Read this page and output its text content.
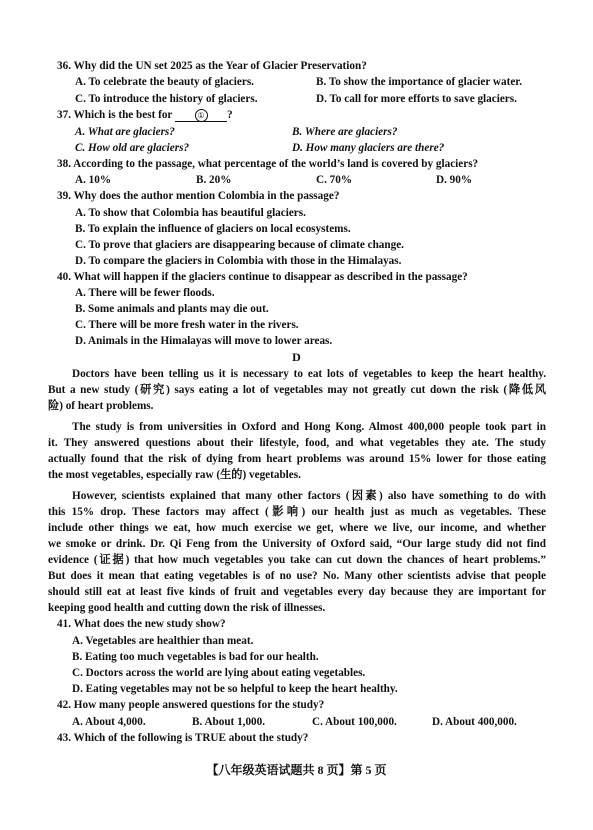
36. Why did the UN set 2025 as the Year of Glacier Preservation?
A. To celebrate the beauty of glaciers.	B. To show the importance of glacier water.
C. To introduce the history of glaciers.	D. To call for more efforts to save glaciers.
37. Which is the best for	① ?
A. What are glaciers?	B. Where are glaciers?
C. How old are glaciers?	D. How many glaciers are there?
38. According to the passage, what percentage of the world’s land is covered by glaciers?
A. 10%	B. 20%	C. 70%	D. 90%
39. Why does the author mention Colombia in the passage?
A. To show that Colombia has beautiful glaciers.
B. To explain the influence of glaciers on local ecosystems.
C. To prove that glaciers are disappearing because of climate change.
D. To compare the glaciers in Colombia with those in the Himalayas.
40. What will happen if the glaciers continue to disappear as described in the passage?
A. There will be fewer floods.
B. Some animals and plants may die out.
C. There will be more fresh water in the rivers.
D. Animals in the Himalayas will move to lower areas.
D
Doctors have been telling us it is necessary to eat lots of vegetables to keep the heart healthy.
But a new study (研究) says eating a lot of vegetables may not greatly cut down the risk (降低风
险) of heart problems.
The study is from universities in Oxford and Hong Kong. Almost 400,000 people took part in
it. They answered questions about their lifestyle, food, and what vegetables they ate. The study
actually found that the risk of dying from heart problems was around 15% lower for those eating
the most vegetables, especially raw (生的) vegetables.
However, scientists explained that many other factors (因素) also have something to do with
this 15% drop. These factors may affect (影响) our health just as much as vegetables. These
include other things we eat, how much exercise we get, where we live, our income, and whether
we smoke or drink. Dr. Qi Feng from the University of Oxford said, “Our large study did not find
evidence (证据) that how much vegetables you take can cut down the chances of heart problems.”
But does it mean that eating vegetables is of no use? No. Many other scientists advise that people
should still eat at least five kinds of fruit and vegetables every day because they are important for
keeping good health and cutting down the risk of illnesses.
41. What does the new study show?
A. Vegetables are healthier than meat.
B. Eating too much vegetables is bad for our health.
C. Doctors across the world are lying about eating vegetables.
D. Eating vegetables may not be so helpful to keep the heart healthy.
42. How many people answered questions for the study?
A. About 4,000.	B. About 1,000.	C. About 100,000.	D. About 400,000.
43. Which of the following is TRUE about the study?
【八年级英语试题共 8 页】第 5 页
